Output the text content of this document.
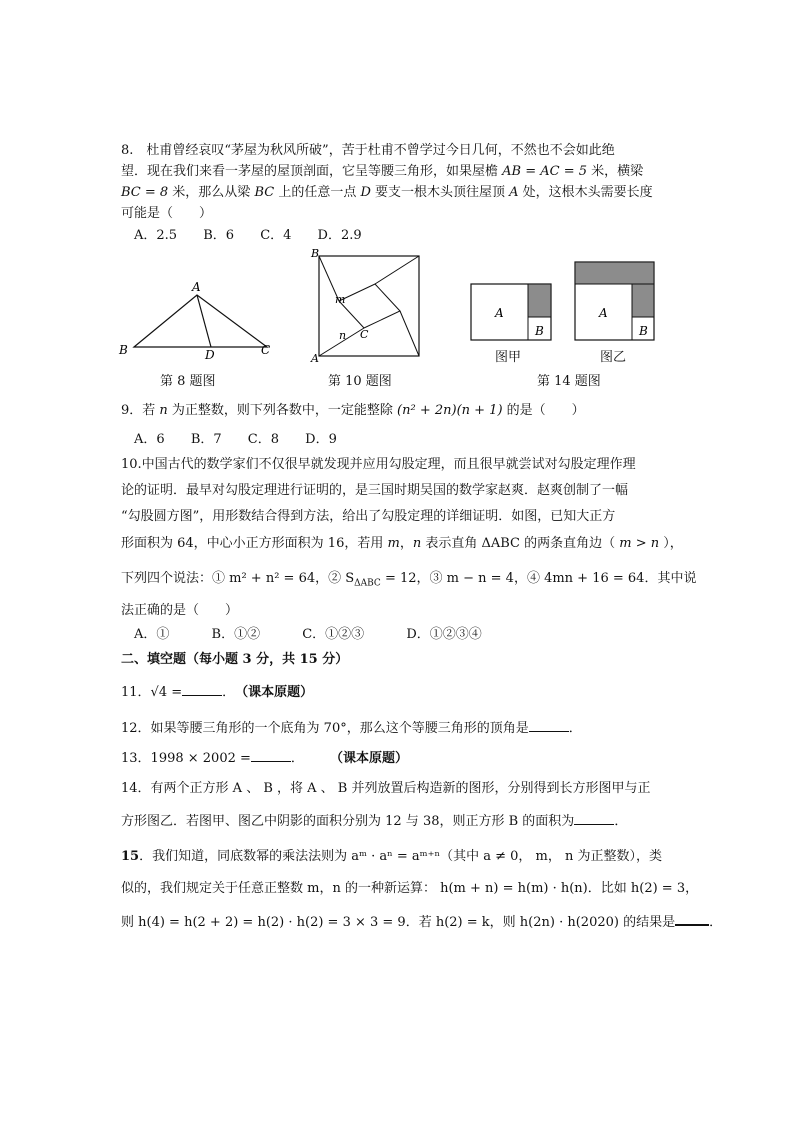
8.　杜甫曾经哀叹“茅屋为秋风所破”，苦于杜甫不曾学过今日几何，不然也不会如此绝
望．现在我们来看一茅屋的屋顶剖面，它呈等腰三角形，如果屋檐 AB = AC = 5 米，横梁
BC = 8 米，那么从梁 BC 上的任意一点 D 要支一根木头顶往屋顶 A 处，这根木头需要长度
可能是（　　）
A．2.5 B．6 C．4 D．2.9
A
B	C
D
第 8 题图
B
A
C
m
n
第 10 题图
A
B
A
B
图甲	图乙
第 14 题图
9．若 n 为正整数，则下列各数中，一定能整除 (n² + 2n)(n + 1) 的是（　　）
A．6 B．7 C．8 D．9
10.中国古代的数学家们不仅很早就发现并应用勾股定理，而且很早就尝试对勾股定理作理
论的证明．最早对勾股定理进行证明的，是三国时期吴国的数学家赵爽．赵爽创制了一幅
“勾股圆方图”，用形数结合得到方法，给出了勾股定理的详细证明．如图，已知大正方
形面积为 64，中心小正方形面积为 16，若用 m，n 表示直角 ΔABC 的两条直角边（ m > n ），
下列四个说法：① m² + n² = 64，② $S_{\Delta ABC} = 12$，③ m − n = 4，④ 4mn + 16 = 64．其中说
法正确的是（　　）
A．①	B．①②	C．①②③	D．①②③④
二、填空题（每小题 3 分，共 15 分）
11．√4 =	．　 （课本原题）
12．如果等腰三角形的一个底角为 70°，那么这个等腰三角形的顶角是	．
13．1998 × 2002 =	．　　　	（课本原题）
14．有两个正方形 A 、 B ，将 A 、 B 并列放置后构造新的图形，分别得到长方形图甲与正
方形图乙．若图甲、图乙中阴影的面积分别为 12 与 38，则正方形 B 的面积为	．
15．我们知道，同底数幂的乘法法则为 aᵐ · aⁿ = aᵐ⁺ⁿ（其中 a ≠ 0， m， n 为正整数），类
似的，我们规定关于任意正整数 m，n 的一种新运算： h(m + n) = h(m) · h(n)．比如 h(2) = 3，
则 h(4) = h(2 + 2) = h(2) · h(2) = 3 × 3 = 9．若 h(2) = k，则 h(2n) · h(2020) 的结果是	．
